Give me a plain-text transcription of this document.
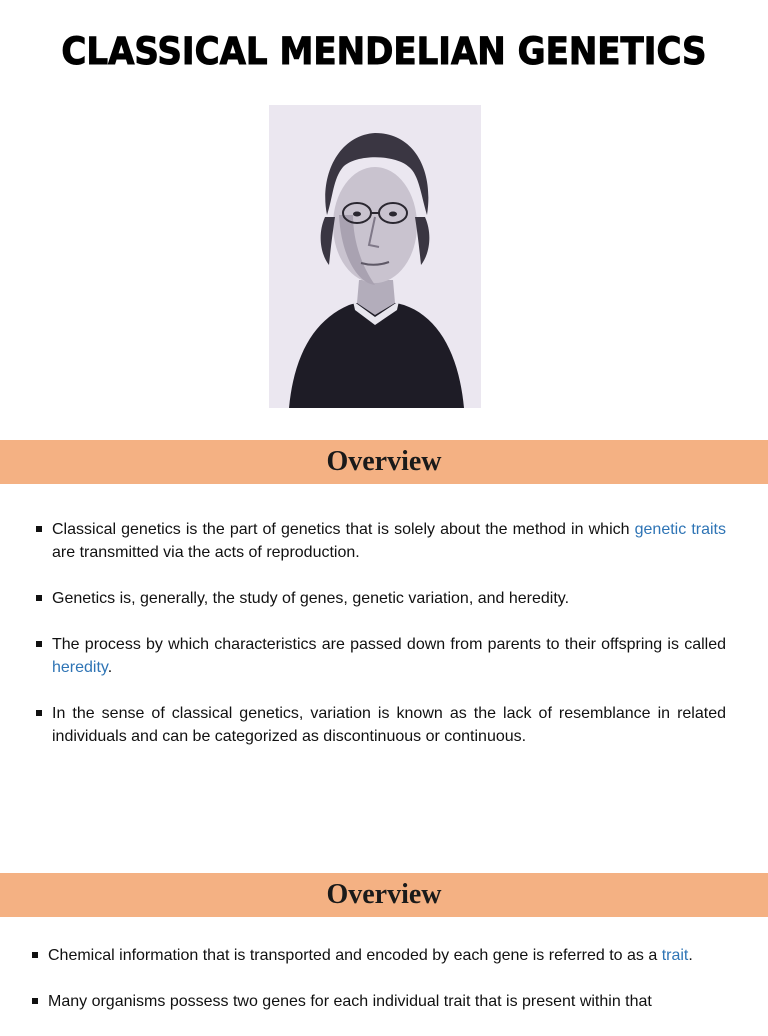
CLASSICAL MENDELIAN GENETICS
Overview
Classical genetics is the part of genetics that is solely about the method in which genetic traits are transmitted via the acts of reproduction.
Genetics is, generally, the study of genes, genetic variation, and heredity.
The process by which characteristics are passed down from parents to their offspring is called heredity.
In the sense of classical genetics, variation is known as the lack of resemblance in related individuals and can be categorized as discontinuous or continuous.
Overview
Chemical information that is transported and encoded by each gene is referred to as a trait.
Many organisms possess two genes for each individual trait that is present within that
